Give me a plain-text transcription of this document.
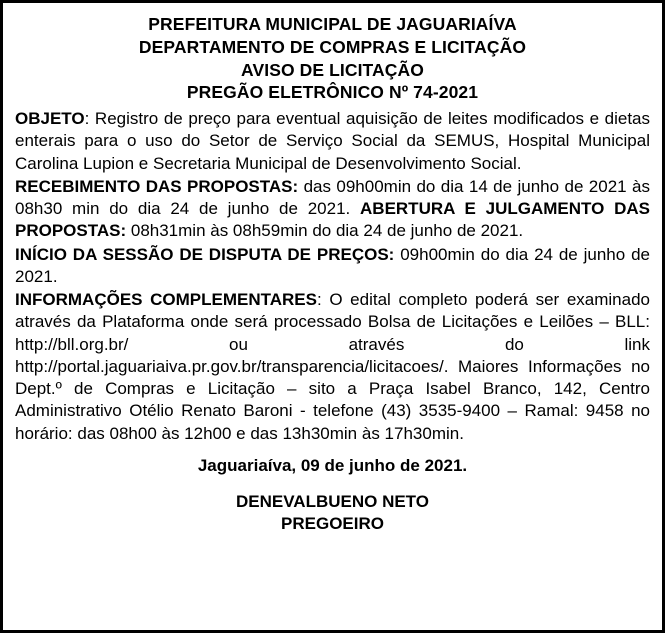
PREFEITURA MUNICIPAL DE JAGUARIAÍVA
DEPARTAMENTO DE COMPRAS E LICITAÇÃO
AVISO DE LICITAÇÃO
PREGÃO ELETRÔNICO Nº 74-2021

OBJETO: Registro de preço para eventual aquisição de leites modificados e dietas enterais para o uso do Setor de Serviço Social da SEMUS, Hospital Municipal Carolina Lupion e Secretaria Municipal de Desenvolvimento Social.

RECEBIMENTO DAS PROPOSTAS: das 09h00min do dia 14 de junho de 2021 às 08h30 min do dia 24 de junho de 2021. ABERTURA E JULGAMENTO DAS PROPOSTAS: 08h31min às 08h59min do dia 24 de junho de 2021.

INÍCIO DA SESSÃO DE DISPUTA DE PREÇOS: 09h00min do dia 24 de junho de 2021.

INFORMAÇÕES COMPLEMENTARES: O edital completo poderá ser examinado através da Plataforma onde será processado Bolsa de Licitações e Leilões – BLL: http://bll.org.br/ ou através do link http://portal.jaguariaiva.pr.gov.br/transparencia/licitacoes/. Maiores Informações no Dept.º de Compras e Licitação – sito a Praça Isabel Branco, 142, Centro Administrativo Otélio Renato Baroni - telefone (43) 3535-9400 – Ramal: 9458 no horário: das 08h00 às 12h00 e das 13h30min às 17h30min.

Jaguariaíva, 09 de junho de 2021.
DENEVALBUENO NETO
PREGOEIRO
